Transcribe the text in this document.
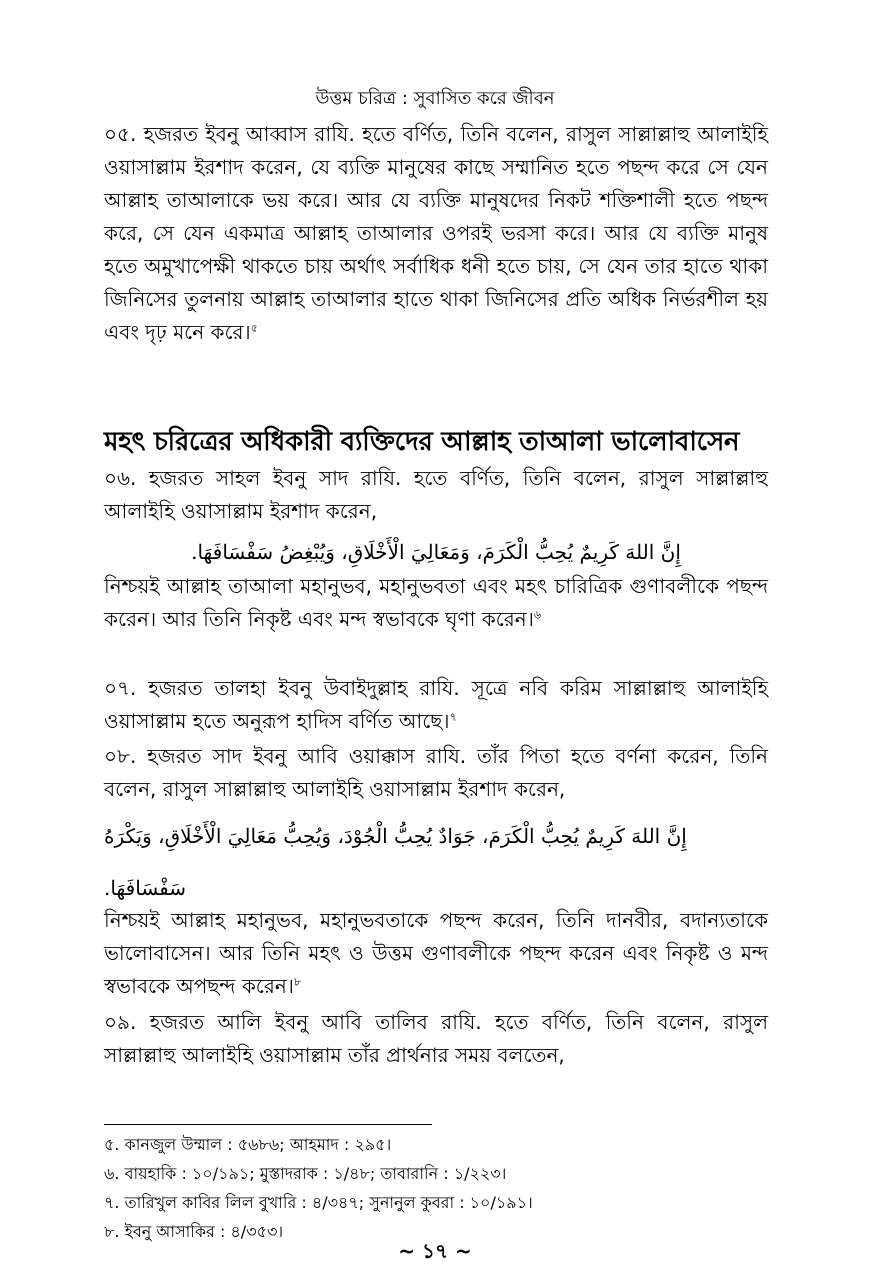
উত্তম চরিত্র : সুবাসিত করে জীবন
০৫. হজরত ইবনু আব্বাস রাযি. হতে বর্ণিত, তিনি বলেন, রাসুল সাল্লাল্লাহু আলাইহি ওয়াসাল্লাম ইরশাদ করেন, যে ব্যক্তি মানুষের কাছে সম্মানিত হতে পছন্দ করে সে যেন আল্লাহ তাআলাকে ভয় করে। আর যে ব্যক্তি মানুষদের নিকট শক্তিশালী হতে পছন্দ করে, সে যেন একমাত্র আল্লাহ তাআলার ওপরই ভরসা করে। আর যে ব্যক্তি মানুষ হতে অমুখাপেক্ষী থাকতে চায় অর্থাৎ সর্বাধিক ধনী হতে চায়, সে যেন তার হাতে থাকা জিনিসের তুলনায় আল্লাহ তাআলার হাতে থাকা জিনিসের প্রতি অধিক নির্ভরশীল হয় এবং দৃঢ় মনে করে।$^৫$
মহৎ চরিত্রের অধিকারী ব্যক্তিদের আল্লাহ তাআলা ভালোবাসেন
০৬. হজরত সাহল ইবনু সাদ রাযি. হতে বর্ণিত, তিনি বলেন, রাসুল সাল্লাল্লাহু আলাইহি ওয়াসাল্লাম ইরশাদ করেন,
إِنَّ اللهَ كَرِيمٌ يُحِبُّ الْكَرَمَ، وَمَعَالِيَ الْأَخْلَاقِ، وَيُبْغِضُ سَفْسَافَهَا.
নিশ্চয়ই আল্লাহ তাআলা মহানুভব, মহানুভবতা এবং মহৎ চারিত্রিক গুণাবলীকে পছন্দ করেন। আর তিনি নিকৃষ্ট এবং মন্দ স্বভাবকে ঘৃণা করেন।$^৬$
০৭. হজরত তালহা ইবনু উবাইদুল্লাহ রাযি. সূত্রে নবি করিম সাল্লাল্লাহু আলাইহি ওয়াসাল্লাম হতে অনুরূপ হাদিস বর্ণিত আছে।$^৭$
০৮. হজরত সাদ ইবনু আবি ওয়াক্কাস রাযি. তাঁর পিতা হতে বর্ণনা করেন, তিনি বলেন, রাসুল সাল্লাল্লাহু আলাইহি ওয়াসাল্লাম ইরশাদ করেন,
إِنَّ اللهَ كَرِيمٌ يُحِبُّ الْكَرَمَ، جَوَادٌ يُحِبُّ الْجُوْدَ، وَيُحِبُّ مَعَالِيَ الْأَخْلَاقِ، وَيَكْرَهُ سَفْسَافَهَا.
নিশ্চয়ই আল্লাহ মহানুভব, মহানুভবতাকে পছন্দ করেন, তিনি দানবীর, বদান্যতাকে ভালোবাসেন। আর তিনি মহৎ ও উত্তম গুণাবলীকে পছন্দ করেন এবং নিকৃষ্ট ও মন্দ স্বভাবকে অপছন্দ করেন।$^৮$
০৯. হজরত আলি ইবনু আবি তালিব রাযি. হতে বর্ণিত, তিনি বলেন, রাসুল সাল্লাল্লাহু আলাইহি ওয়াসাল্লাম তাঁর প্রার্থনার সময় বলতেন,
৫. কানজুল উম্মাল : ৫৬৮৬; আহমাদ : ২৯৫।
৬. বায়হাকি : ১০/১৯১; মুস্তাদরাক : ১/৪৮; তাবারানি : ১/২২৩।
৭. তারিখুল কাবির লিল বুখারি : ৪/৩৪৭; সুনানুল কুবরা : ১০/১৯১।
৮. ইবনু আসাকির : ৪/৩৫৩।
~ ১৭ ~
